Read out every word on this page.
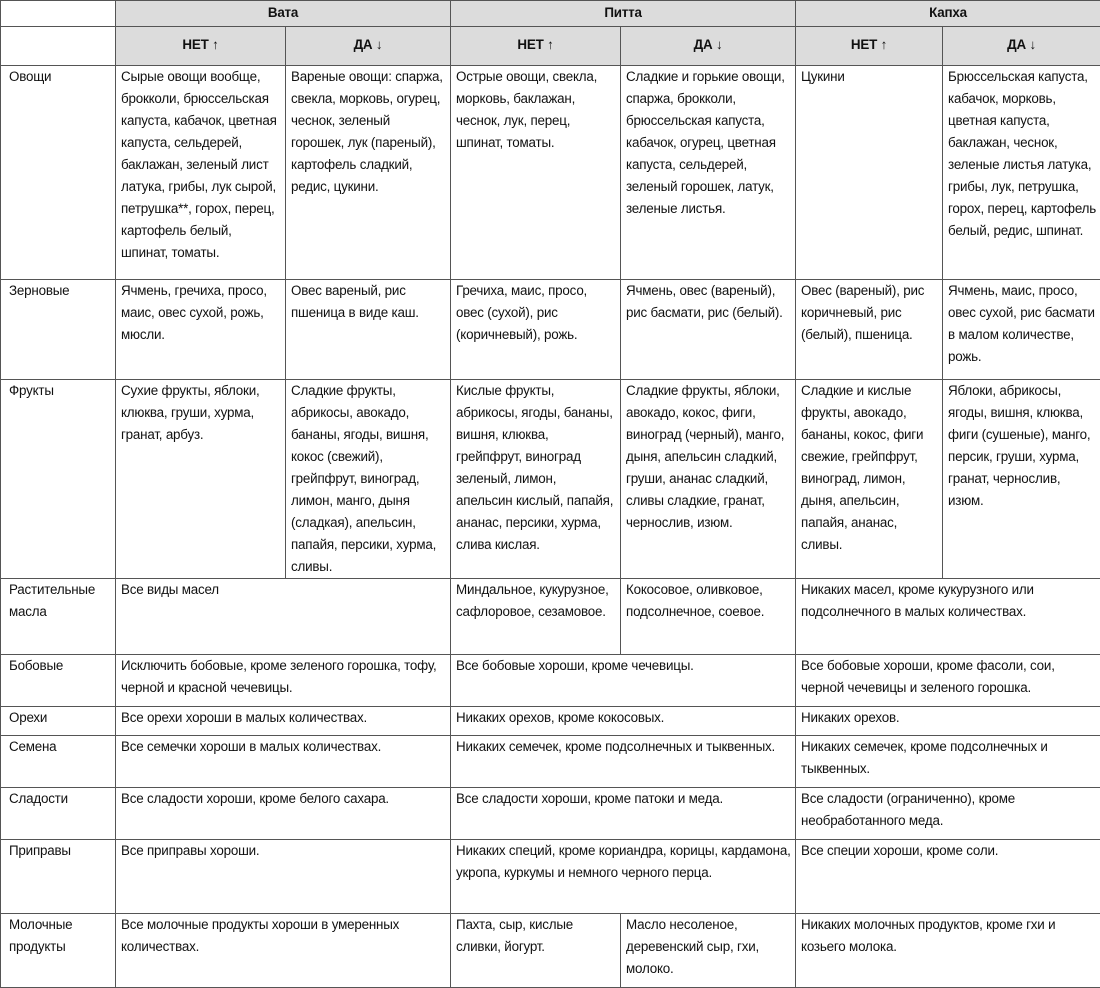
	Вата		Питта		Капха	
	НЕТ ↑	ДА ↓	НЕТ ↑	ДА ↓	НЕТ ↑	ДА ↓
Овощи	Сырые овощи вообще, брокколи, брюссельская капуста, кабачок, цветная капуста, сельдерей, баклажан, зеленый лист латука, грибы, лук сырой, петрушка**, горох, перец, картофель белый, шпинат, томаты.	Вареные овощи: спаржа, свекла, морковь, огурец, чеснок, зеленый горошек, лук (пареный), картофель сладкий, редис, цукини.	Острые овощи, свекла, морковь, баклажан, чеснок, лук, перец, шпинат, томаты.	Сладкие и горькие овощи, спаржа, брокколи, брюссельская капуста, кабачок, огурец, цветная капуста, сельдерей, зеленый горошек, латук, зеленые листья.	Цукини	Брюссельская капуста, кабачок, морковь, цветная капуста, баклажан, чеснок, зеленые листья латука, грибы, лук, петрушка, горох, перец, картофель белый, редис, шпинат.
Зерновые	Ячмень, гречиха, просо, маис, овес сухой, рожь, мюсли.	Овес вареный, рис пшеница в виде каш.	Гречиха, маис, просо, овес (сухой), рис (коричневый), рожь.	Ячмень, овес (вареный), рис басмати, рис (белый).	Овес (вареный), рис коричневый, рис (белый), пшеница.	Ячмень, маис, просо, овес сухой, рис басмати в малом количестве, рожь.
Фрукты	Сухие фрукты, яблоки, клюква, груши, хурма, гранат, арбуз.	Сладкие фрукты, абрикосы, авокадо, бананы, ягоды, вишня, кокос (свежий), грейпфрут, виноград, лимон, манго, дыня (сладкая), апельсин, папайя, персики, хурма, сливы.	Кислые фрукты, абрикосы, ягоды, бананы, вишня, клюква, грейпфрут, виноград зеленый, лимон, апельсин кислый, папайя, ананас, персики, хурма, слива кислая.	Сладкие фрукты, яблоки, авокадо, кокос, фиги, виноград (черный), манго, дыня, апельсин сладкий, груши, ананас сладкий, сливы сладкие, гранат, чернослив, изюм.	Сладкие и кислые фрукты, авокадо, бананы, кокос, фиги свежие, грейпфрут, виноград, лимон, дыня, апельсин, папайя, ананас, сливы.	Яблоки, абрикосы, ягоды, вишня, клюква, фиги (сушеные), манго, персик, груши, хурма, гранат, чернослив, изюм.
Растительные масла	Все виды масел		Миндальное, кукурузное, сафлоровое, сезамовое.	Кокосовое, оливковое, подсолнечное, соевое.	Никаких масел, кроме кукурузного или подсолнечного в малых количествах.	
Бобовые	Исключить бобовые, кроме зеленого горошка, тофу, черной и красной чечевицы.		Все бобовые хороши, кроме чечевицы.		Все бобовые хороши, кроме фасоли, сои, черной чечевицы и зеленого горошка.	
Орехи	Все орехи хороши в малых количествах.		Никаких орехов, кроме кокосовых.		Никаких орехов.	
Семена	Все семечки хороши в малых количествах.		Никаких семечек, кроме подсолнечных и тыквенных.		Никаких семечек, кроме подсолнечных и тыквенных.	
Сладости	Все сладости хороши, кроме белого сахара.		Все сладости хороши, кроме патоки и меда.		Все сладости (ограниченно), кроме необработанного меда.	
Приправы	Все приправы хороши.		Никаких специй, кроме кориандра, корицы, кардамона, укропа, куркумы и немного черного перца.		Все специи хороши, кроме соли.	
Молочные продукты	Все молочные продукты хороши в умеренных количествах.		Пахта, сыр, кислые сливки, йогурт.	Масло несоленое, деревенский сыр, гхи, молоко.	Никаких молочных продуктов, кроме гхи и козьего молока.	
